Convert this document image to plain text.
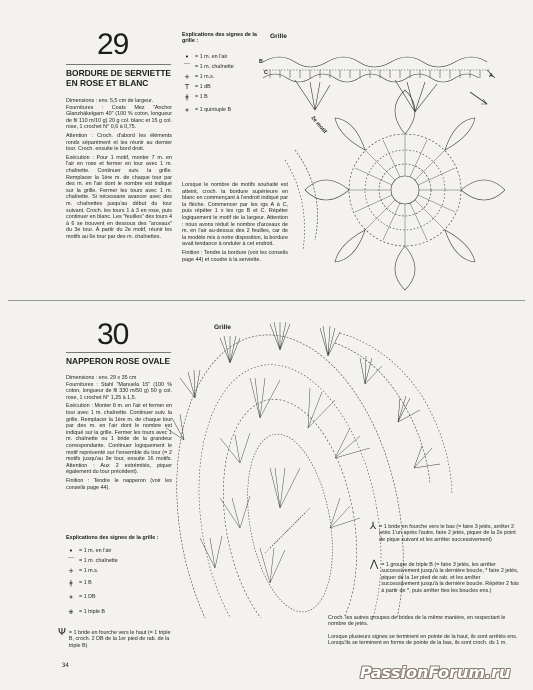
29
BORDURE DE SERVIETTE EN ROSE ET BLANC
Dimensions : env. 5,5 cm de largeur.
Fournitures : Coats Mez "Anchor Glanzhäkelgarn 40" (100 % coton, longueur de fil 110 m/10 g) 20 g col. blanc et 15 g col. rose, 1 crochet N° 0,6 à 0,75.
Attention : Croch. d'abord les éléments ronds séparément et les réunir au dernier tour. Croch. ensuite le bord droit.
Exécution : Pour 1 motif, monter 7 m. en l'air en rose et fermer en tour avec 1 m. chaînette. Continuer suiv. la grille. Remplacer la 1ère m. de chaque tour par des m. en l'air dont le nombre est indiqué sur la grille. Fermer les tours avec 1 m. chaînette. Si nécessaire avancer avec des m. chaînettes jusqu'au début du tour suivant. Croch. les tours 1 à 3 en rose, puis continuer en blanc. Les "feuilles" des tours 4 à 6 se trouvent en dessous des "arceaux" du 3e tour. À partir du 2e motif, réunir les motifs au 6e tour par des m. chaînettes.
Explications des signes de la grille :
•	= 1 m. en l'air
⌒ = 1 m. chaînette
+ = 1 m.s.
T	= 1 dB
ǂ	= 1 B
⧧	= 1 quintuple B
Lorsque le nombre de motifs souhaité est atteint, croch. la bordure supérieure en blanc en commençant à l'endroit indiqué par la flèche. Commencer par les rgs A à C, puis répéter 1 x les rgs B et C. Répéter logiquement le motif de la largeur. Attention : nous avons réduit le nombre d'arceaux de m. en l'air au-dessus des 2 feuilles, car de la modèle mis à notre disposition, la bordure avait tendance à onduler à cet endroit.
Finition : Tendre la bordure (voir les conseils page 44) et coudre à la serviette.
Grille
B
C	A
2e motif
30
NAPPERON ROSE OVALE
Grille
Dimensions : env. 29 x 35 cm
Fournitures : Stahl "Manuela 15" (100 % coton, longueur de fil 330 m/50 g) 50 g col. rose, 1 crochet N° 1,25 à 1,5.
Exécution : Monter 8 m. en l'air et fermer en tour avec 1 m. chaînette. Continuer suiv. la grille. Remplacer la 1ère m. de chaque tour par des m. en l'air dont le nombre est indiqué sur la grille. Fermer les tours avec 1 m. chaînette ou 1 bride de la grandeur correspondante. Continuer logiquement le motif représenté sur l'ensemble du tour (= 2 motifs jusqu'au 9e tour, ensuite 16 motifs. Attention : Aux 2 extrémités, piquer également du tour précédent).
Finition : Tendre le napperon (voir les conseils page 44).
Explications des signes de la grille :
•	= 1 m. en l'air
⌒ = 1 m. chaînette
+ = 1 m.s.
ǂ	= 1 B
⧧	= 1 DB
⧺ = 1 triple B
Ψ = 1 bride en fourche vers le haut (= 1 triple B, croch. 2 DB de la 1er pied de rab. de la triple B)
34
⅄ = 1 bride en fourche vers le bas (= faire 3 jetés, arrêter 2 jetés 1'un après l'autre, faire 2 jetés, piquer de la 2e point de pique suivant et les arrêter successivement)
⋀ = 1 groupe de triple B (= faire 3 jetés, les arrêter successivement jusqu'à la dernière boucle, * faire 2 jetés, piquer de la 1er pied de rab. et les arrêter successivement jusqu'à la dernière boucle. Répéter 2 fois à partir de *, puis arrêter ttes les boucles ens.)
Croch. les autres groupes de brides de la même manière, en respectant le nombre de jetés.
Lorsque plusieurs signes se terminent en pointe de la haut, ils sont arrêtés ens. Lorsqu'ils se terminent en forme de pointe de la bas, ils sont croch. ds 1 m.
PassionForum.ru
